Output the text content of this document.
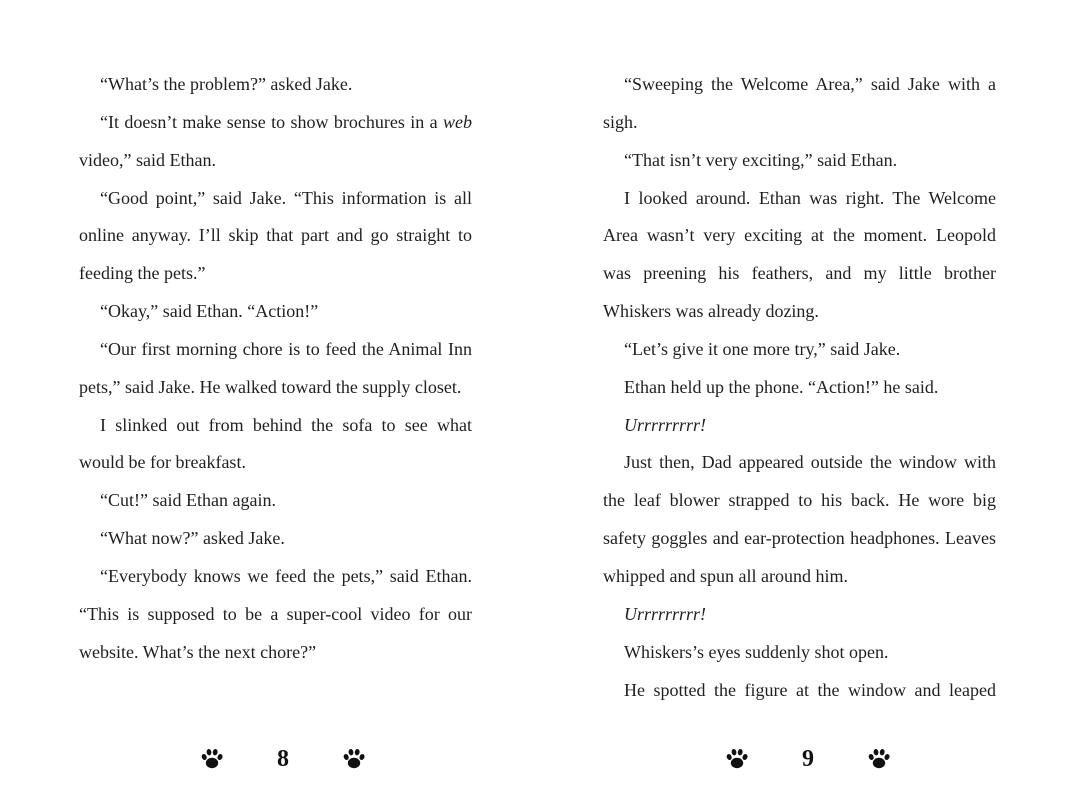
“What’s the problem?” asked Jake.

“It doesn’t make sense to show brochures in a web video,” said Ethan.

“Good point,” said Jake. “This information is all online anyway. I’ll skip that part and go straight to feeding the pets.”

“Okay,” said Ethan. “Action!”

“Our first morning chore is to feed the Animal Inn pets,” said Jake. He walked toward the supply closet.

I slinked out from behind the sofa to see what would be for breakfast.

“Cut!” said Ethan again.

“What now?” asked Jake.

“Everybody knows we feed the pets,” said Ethan. “This is supposed to be a super-cool video for our website. What’s the next chore?”

8

“Sweeping the Welcome Area,” said Jake with a sigh.

“That isn’t very exciting,” said Ethan.

I looked around. Ethan was right. The Welcome Area wasn’t very exciting at the moment. Leopold was preening his feathers, and my little brother Whiskers was already dozing.

“Let’s give it one more try,” said Jake.

Ethan held up the phone. “Action!” he said.

Urrrrrrrrr!

Just then, Dad appeared outside the window with the leaf blower strapped to his back. He wore big safety goggles and ear-protection headphones. Leaves whipped and spun all around him.

Urrrrrrrrr!

Whiskers’s eyes suddenly shot open.

He spotted the figure at the window and leaped

9
